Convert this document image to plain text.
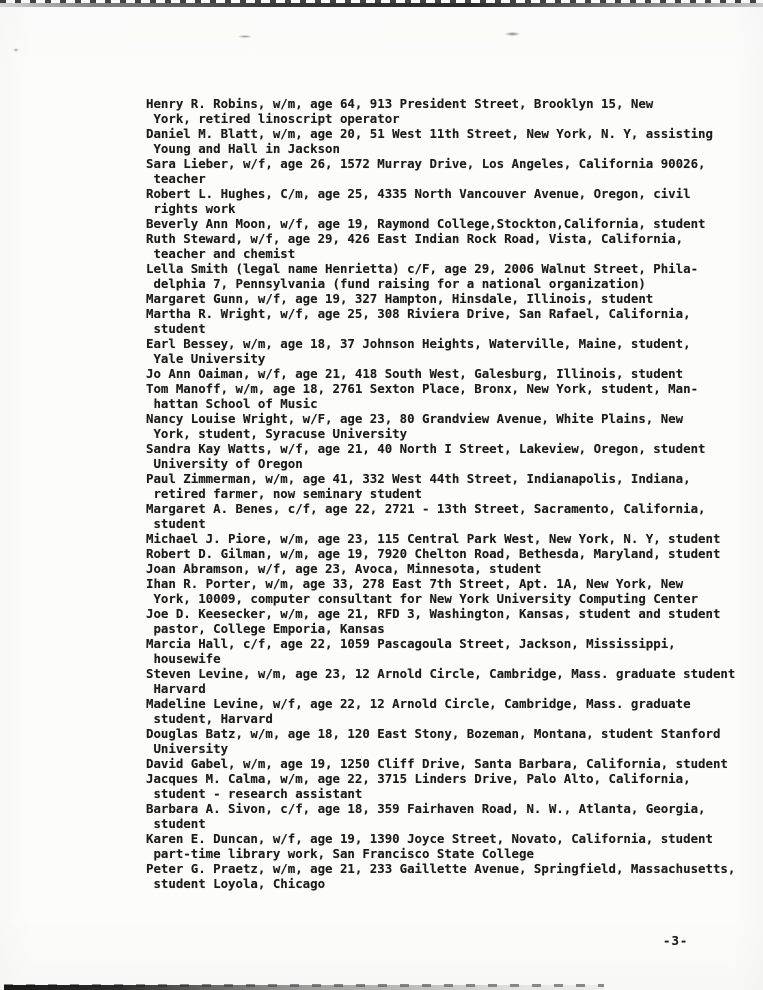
Henry R. Robins, w/m, age 64, 913 President Street, Brooklyn 15, New
York, retired linoscript operator
Daniel M. Blatt, w/m, age 20, 51 West 11th Street, New York, N. Y, assisting
Young and Hall in Jackson
Sara Lieber, w/f, age 26, 1572 Murray Drive, Los Angeles, California 90026,
teacher
Robert L. Hughes, C/m, age 25, 4335 North Vancouver Avenue, Oregon, civil
rights work
Beverly Ann Moon, w/f, age 19, Raymond College,Stockton,California, student
Ruth Steward, w/f, age 29, 426 East Indian Rock Road, Vista, California,
teacher and chemist
Lella Smith (legal name Henrietta) c/F, age 29, 2006 Walnut Street, Phila-
delphia 7, Pennsylvania (fund raising for a national organization)
Margaret Gunn, w/f, age 19, 327 Hampton, Hinsdale, Illinois, student
Martha R. Wright, w/f, age 25, 308 Riviera Drive, San Rafael, California,
student
Earl Bessey, w/m, age 18, 37 Johnson Heights, Waterville, Maine, student,
Yale University
Jo Ann Oaiman, w/f, age 21, 418 South West, Galesburg, Illinois, student
Tom Manoff, w/m, age 18, 2761 Sexton Place, Bronx, New York, student, Man-
hattan School of Music
Nancy Louise Wright, w/F, age 23, 80 Grandview Avenue, White Plains, New
York, student, Syracuse University
Sandra Kay Watts, w/f, age 21, 40 North I Street, Lakeview, Oregon, student
University of Oregon
Paul Zimmerman, w/m, age 41, 332 West 44th Street, Indianapolis, Indiana,
retired farmer, now seminary student
Margaret A. Benes, c/f, age 22, 2721 - 13th Street, Sacramento, California,
student
Michael J. Piore, w/m, age 23, 115 Central Park West, New York, N. Y, student
Robert D. Gilman, w/m, age 19, 7920 Chelton Road, Bethesda, Maryland, student
Joan Abramson, w/f, age 23, Avoca, Minnesota, student
Ihan R. Porter, w/m, age 33, 278 East 7th Street, Apt. 1A, New York, New
York, 10009, computer consultant for New York University Computing Center
Joe D. Keesecker, w/m, age 21, RFD 3, Washington, Kansas, student and student
pastor, College Emporia, Kansas
Marcia Hall, c/f, age 22, 1059 Pascagoula Street, Jackson, Mississippi,
housewife
Steven Levine, w/m, age 23, 12 Arnold Circle, Cambridge, Mass. graduate student
Harvard
Madeline Levine, w/f, age 22, 12 Arnold Circle, Cambridge, Mass. graduate
student, Harvard
Douglas Batz, w/m, age 18, 120 East Stony, Bozeman, Montana, student Stanford
University
David Gabel, w/m, age 19, 1250 Cliff Drive, Santa Barbara, California, student
Jacques M. Calma, w/m, age 22, 3715 Linders Drive, Palo Alto, California,
student - research assistant
Barbara A. Sivon, c/f, age 18, 359 Fairhaven Road, N. W., Atlanta, Georgia,
student
Karen E. Duncan, w/f, age 19, 1390 Joyce Street, Novato, California, student
part-time library work, San Francisco State College
Peter G. Praetz, w/m, age 21, 233 Gaillette Avenue, Springfield, Massachusetts,
student Loyola, Chicago
-3-
